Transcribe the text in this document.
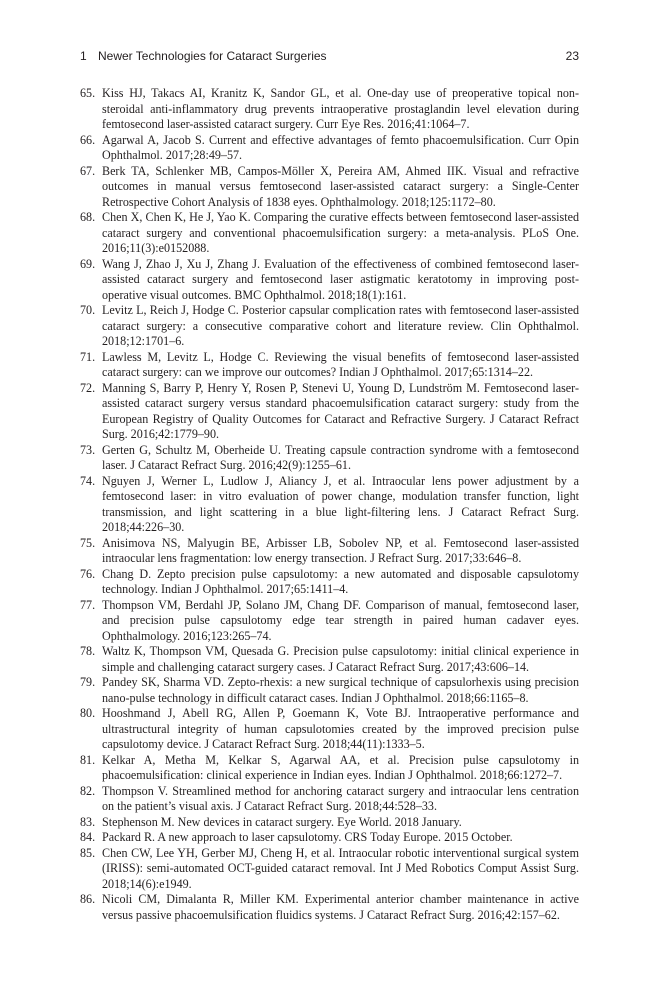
1 Newer Technologies for Cataract Surgeries	23
65. Kiss HJ, Takacs AI, Kranitz K, Sandor GL, et al. One-day use of preoperative topical non-steroidal anti-inflammatory drug prevents intraoperative prostaglandin level elevation during femtosecond laser-assisted cataract surgery. Curr Eye Res. 2016;41:1064–7.
66. Agarwal A, Jacob S. Current and effective advantages of femto phacoemulsification. Curr Opin Ophthalmol. 2017;28:49–57.
67. Berk TA, Schlenker MB, Campos-Möller X, Pereira AM, Ahmed IIK. Visual and refractive outcomes in manual versus femtosecond laser-assisted cataract surgery: a Single-Center Retrospective Cohort Analysis of 1838 eyes. Ophthalmology. 2018;125:1172–80.
68. Chen X, Chen K, He J, Yao K. Comparing the curative effects between femtosecond laser-assisted cataract surgery and conventional phacoemulsification surgery: a meta-analysis. PLoS One. 2016;11(3):e0152088.
69. Wang J, Zhao J, Xu J, Zhang J. Evaluation of the effectiveness of combined femtosecond laser-assisted cataract surgery and femtosecond laser astigmatic keratotomy in improving post-operative visual outcomes. BMC Ophthalmol. 2018;18(1):161.
70. Levitz L, Reich J, Hodge C. Posterior capsular complication rates with femtosecond laser-assisted cataract surgery: a consecutive comparative cohort and literature review. Clin Ophthalmol. 2018;12:1701–6.
71. Lawless M, Levitz L, Hodge C. Reviewing the visual benefits of femtosecond laser-assisted cataract surgery: can we improve our outcomes? Indian J Ophthalmol. 2017;65:1314–22.
72. Manning S, Barry P, Henry Y, Rosen P, Stenevi U, Young D, Lundström M. Femtosecond laser-assisted cataract surgery versus standard phacoemulsification cataract surgery: study from the European Registry of Quality Outcomes for Cataract and Refractive Surgery. J Cataract Refract Surg. 2016;42:1779–90.
73. Gerten G, Schultz M, Oberheide U. Treating capsule contraction syndrome with a femtosecond laser. J Cataract Refract Surg. 2016;42(9):1255–61.
74. Nguyen J, Werner L, Ludlow J, Aliancy J, et al. Intraocular lens power adjustment by a femtosecond laser: in vitro evaluation of power change, modulation transfer function, light transmission, and light scattering in a blue light-filtering lens. J Cataract Refract Surg. 2018;44:226–30.
75. Anisimova NS, Malyugin BE, Arbisser LB, Sobolev NP, et al. Femtosecond laser-assisted intraocular lens fragmentation: low energy transection. J Refract Surg. 2017;33:646–8.
76. Chang D. Zepto precision pulse capsulotomy: a new automated and disposable capsulotomy technology. Indian J Ophthalmol. 2017;65:1411–4.
77. Thompson VM, Berdahl JP, Solano JM, Chang DF. Comparison of manual, femtosecond laser, and precision pulse capsulotomy edge tear strength in paired human cadaver eyes. Ophthalmology. 2016;123:265–74.
78. Waltz K, Thompson VM, Quesada G. Precision pulse capsulotomy: initial clinical experience in simple and challenging cataract surgery cases. J Cataract Refract Surg. 2017;43:606–14.
79. Pandey SK, Sharma VD. Zepto-rhexis: a new surgical technique of capsulorhexis using precision nano-pulse technology in difficult cataract cases. Indian J Ophthalmol. 2018;66:1165–8.
80. Hooshmand J, Abell RG, Allen P, Goemann K, Vote BJ. Intraoperative performance and ultrastructural integrity of human capsulotomies created by the improved precision pulse capsulotomy device. J Cataract Refract Surg. 2018;44(11):1333–5.
81. Kelkar A, Metha M, Kelkar S, Agarwal AA, et al. Precision pulse capsulotomy in phacoemulsification: clinical experience in Indian eyes. Indian J Ophthalmol. 2018;66:1272–7.
82. Thompson V. Streamlined method for anchoring cataract surgery and intraocular lens centration on the patient’s visual axis. J Cataract Refract Surg. 2018;44:528–33.
83. Stephenson M. New devices in cataract surgery. Eye World. 2018 January.
84. Packard R. A new approach to laser capsulotomy. CRS Today Europe. 2015 October.
85. Chen CW, Lee YH, Gerber MJ, Cheng H, et al. Intraocular robotic interventional surgical system (IRISS): semi-automated OCT-guided cataract removal. Int J Med Robotics Comput Assist Surg. 2018;14(6):e1949.
86. Nicoli CM, Dimalanta R, Miller KM. Experimental anterior chamber maintenance in active versus passive phacoemulsification fluidics systems. J Cataract Refract Surg. 2016;42:157–62.
